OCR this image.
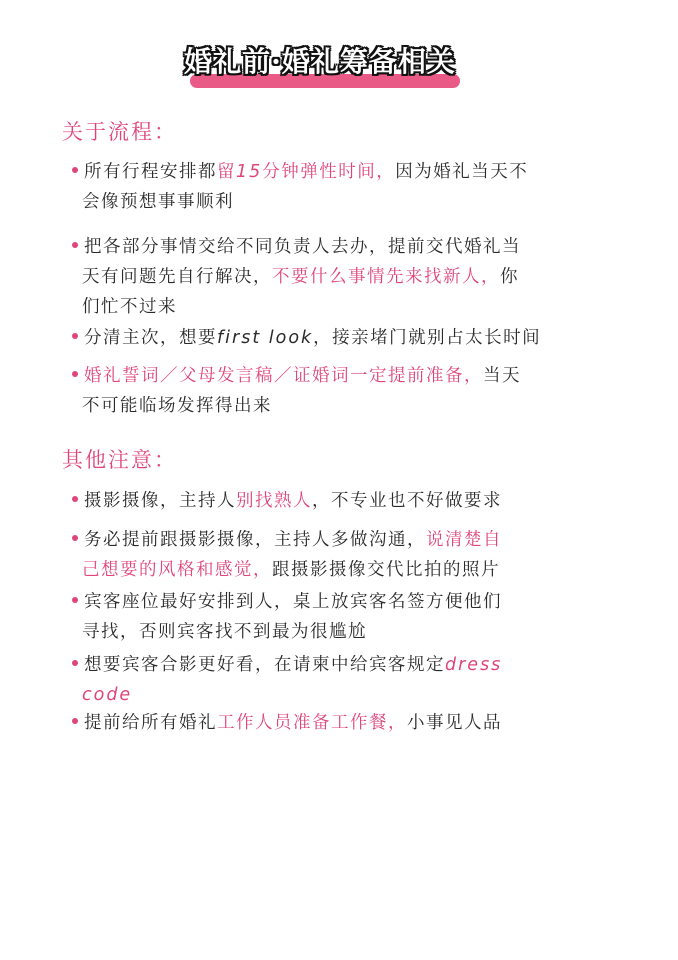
婚礼前·婚礼筹备相关
关于流程：
所有行程安排都留15分钟弹性时间，因为婚礼当天不
会像预想事事顺利
把各部分事情交给不同负责人去办，提前交代婚礼当
天有问题先自行解决，不要什么事情先来找新人，你
们忙不过来
分清主次，想要first look，接亲堵门就别占太长时间
婚礼誓词／父母发言稿／证婚词一定提前准备，当天
不可能临场发挥得出来
其他注意：
摄影摄像，主持人别找熟人，不专业也不好做要求
务必提前跟摄影摄像，主持人多做沟通，说清楚自
己想要的风格和感觉，跟摄影摄像交代比拍的照片
宾客座位最好安排到人，桌上放宾客名签方便他们
寻找，否则宾客找不到最为很尴尬
想要宾客合影更好看，在请柬中给宾客规定dress
code
提前给所有婚礼工作人员准备工作餐，小事见人品
